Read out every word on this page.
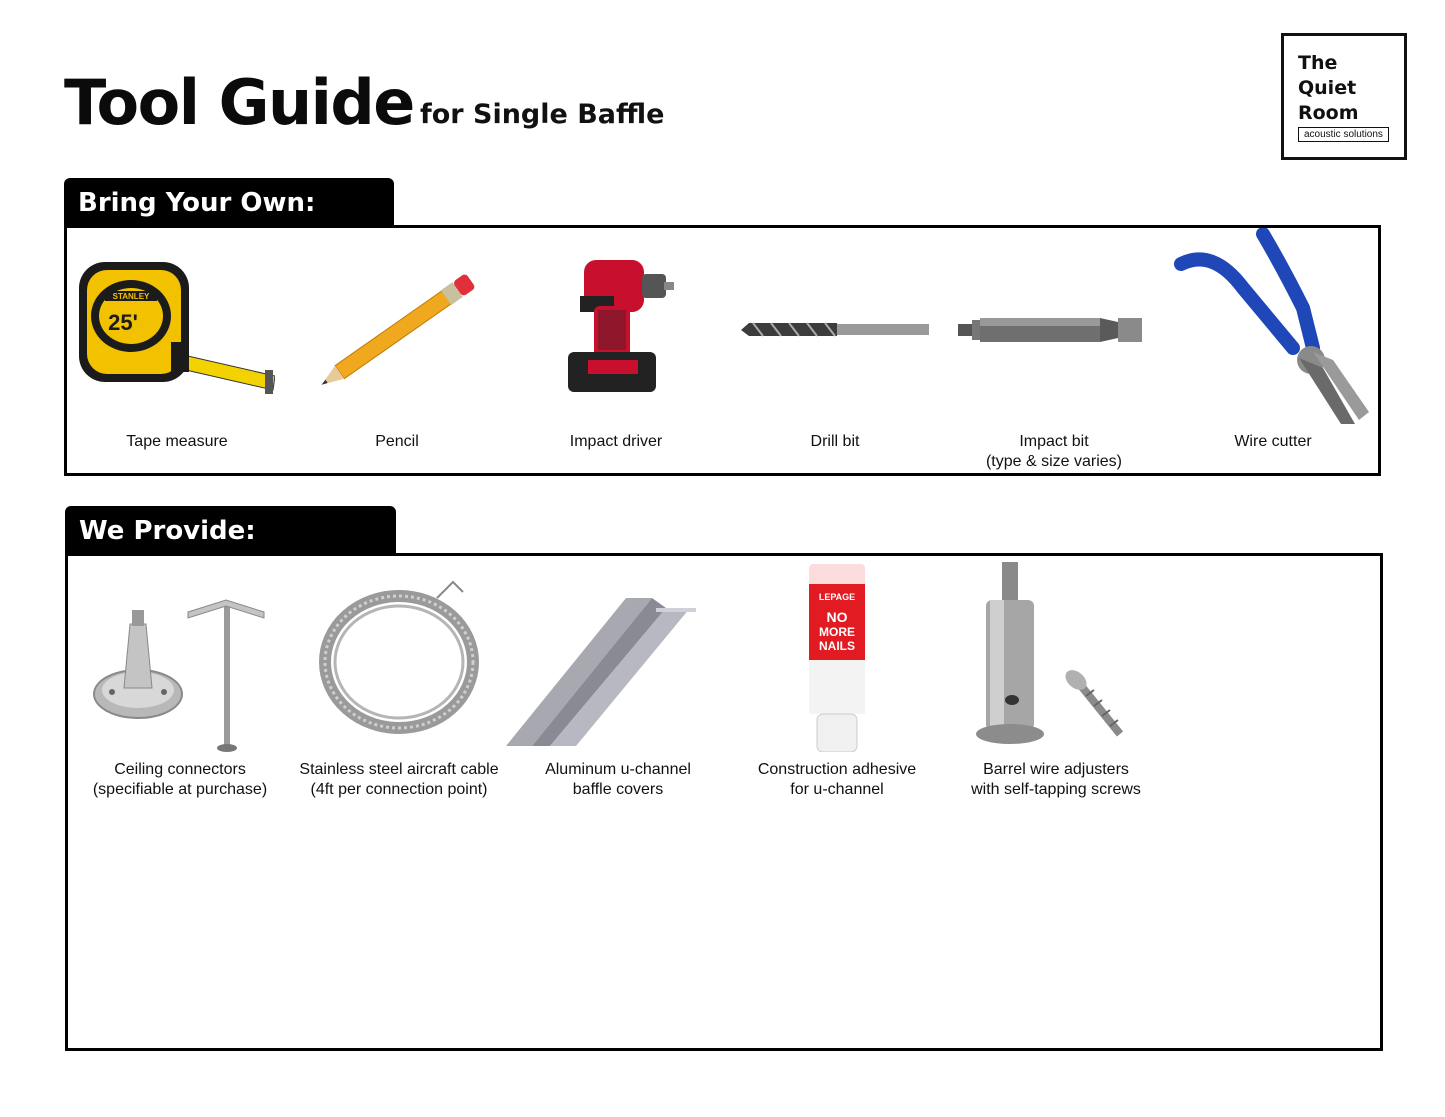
Tool Guide for Single Baffle
The
Quiet
Room
acoustic solutions
Bring Your Own:
STANLEY
25'
Tape measure	Pencil	Impact driver	Drill bit	Impact bit
(type & size varies)
Wire cutter
We Provide:
Ceiling connectors
(specifiable at purchase)
Stainless steel aircraft cable
(4ft per connection point)
Aluminum u-channel
baffle covers
LEPAGE
NO
MORE
NAILS
Construction adhesive
for u-channel
Barrel wire adjusters
with self-tapping screws
